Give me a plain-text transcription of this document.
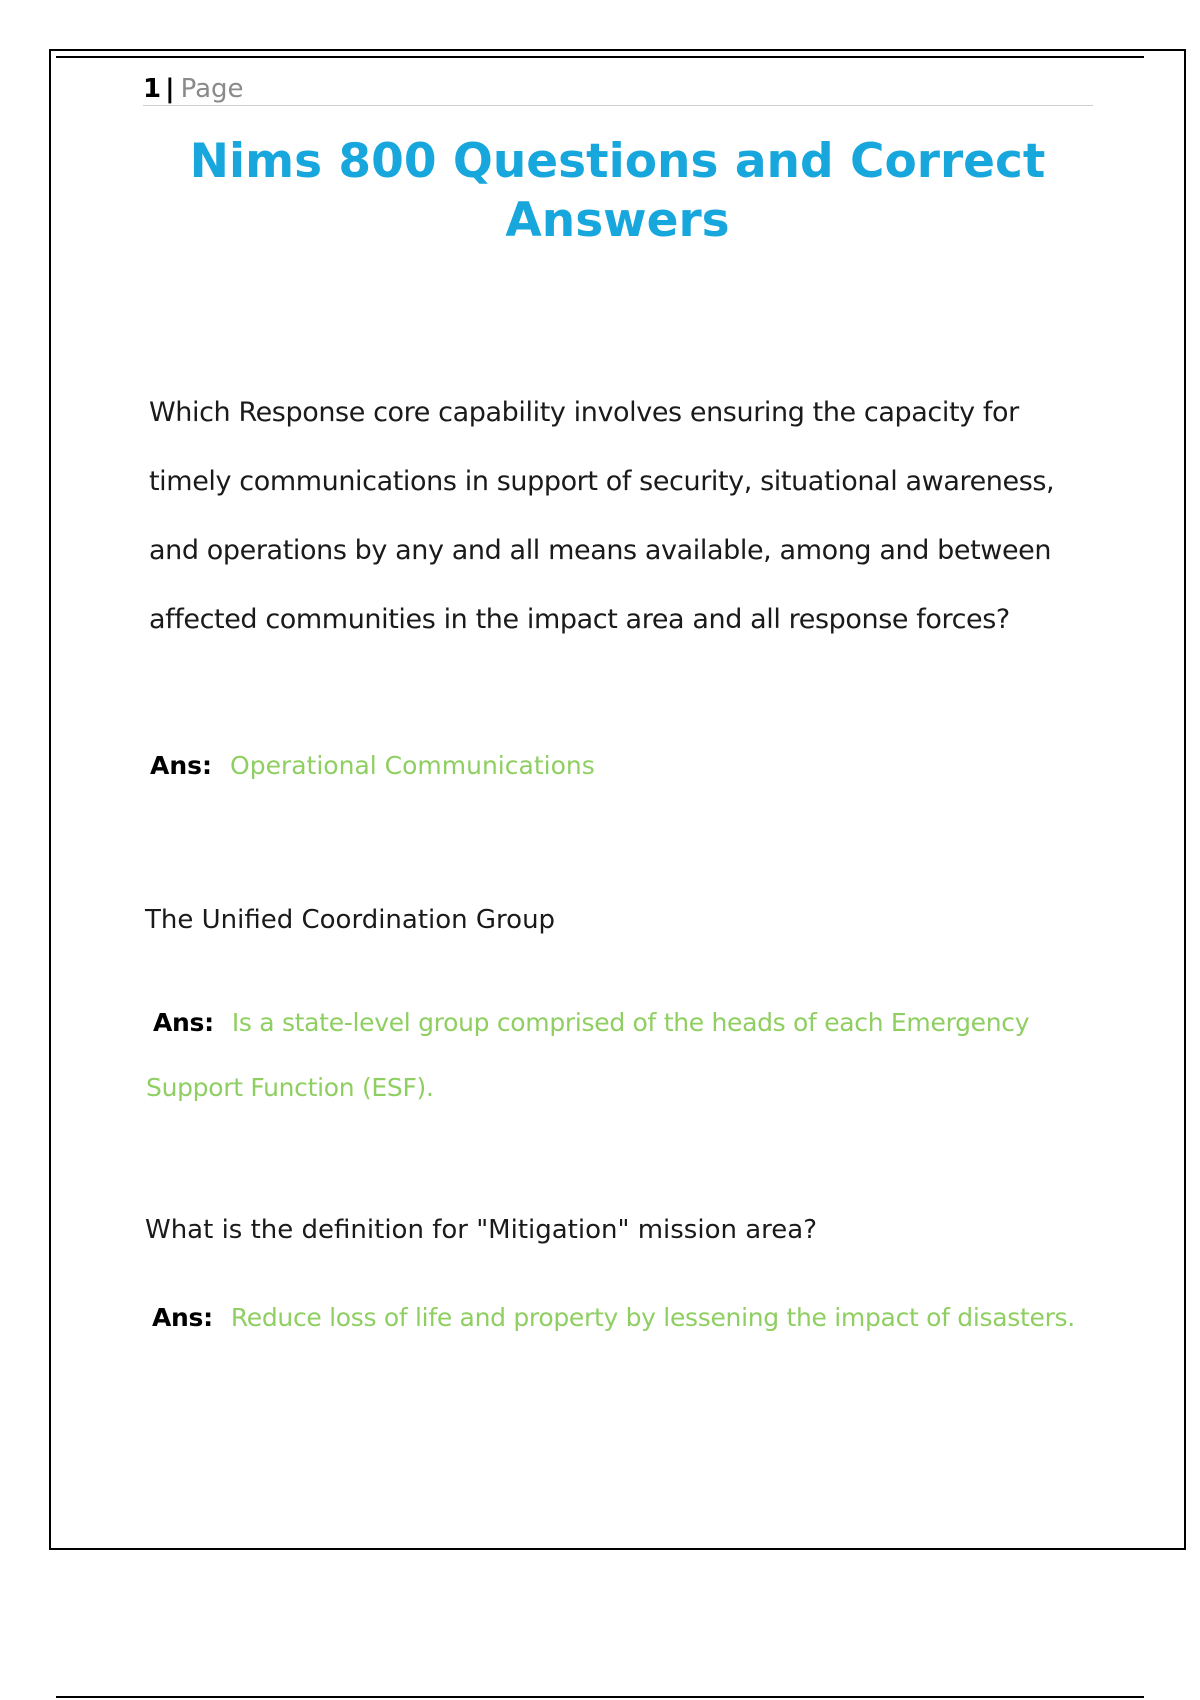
1 | Page
Nims 800 Questions and Correct Answers

Which Response core capability involves ensuring the capacity for timely communications in support of security, situational awareness, and operations by any and all means available, among and between affected communities in the impact area and all response forces?

Ans: Operational Communications

The Unified Coordination Group

Ans: Is a state-level group comprised of the heads of each Emergency Support Function (ESF).

What is the definition for "Mitigation" mission area?

Ans: Reduce loss of life and property by lessening the impact of disasters.
